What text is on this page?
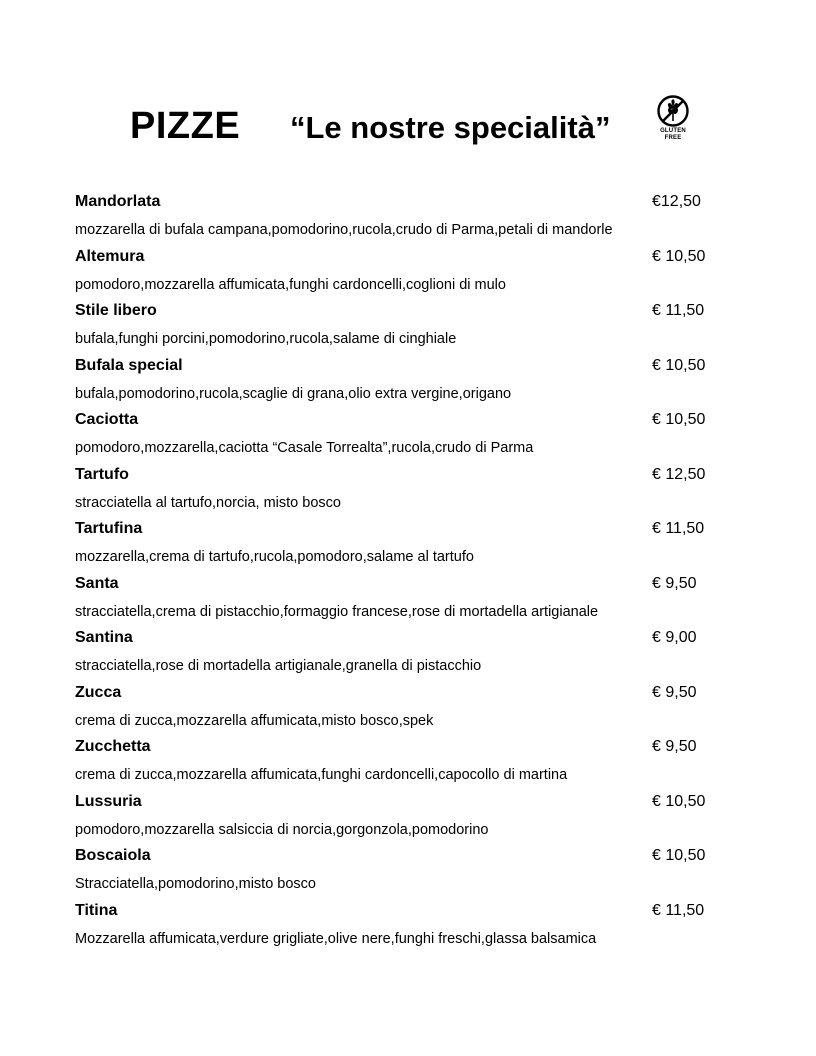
PIZZE “Le nostre specialità”	GLUTEN
FREE
Mandorlata	€12,50
mozzarella di bufala campana,pomodorino,rucola,crudo di Parma,petali di mandorle
Altemura	€ 10,50
pomodoro,mozzarella affumicata,funghi cardoncelli,coglioni di mulo
Stile libero	€ 11,50
bufala,funghi porcini,pomodorino,rucola,salame di cinghiale
Bufala special	€ 10,50
bufala,pomodorino,rucola,scaglie di grana,olio extra vergine,origano
Caciotta	€ 10,50
pomodoro,mozzarella,caciotta “Casale Torrealta”,rucola,crudo di Parma
Tartufo	€ 12,50
stracciatella al tartufo,norcia, misto bosco
Tartufina	€ 11,50
mozzarella,crema di tartufo,rucola,pomodoro,salame al tartufo
Santa	€ 9,50
stracciatella,crema di pistacchio,formaggio francese,rose di mortadella artigianale
Santina	€ 9,00
stracciatella,rose di mortadella artigianale,granella di pistacchio
Zucca	€ 9,50
crema di zucca,mozzarella affumicata,misto bosco,spek
Zucchetta	€ 9,50
crema di zucca,mozzarella affumicata,funghi cardoncelli,capocollo di martina
Lussuria	€ 10,50
pomodoro,mozzarella salsiccia di norcia,gorgonzola,pomodorino
Boscaiola	€ 10,50
Stracciatella,pomodorino,misto bosco
Titina	€ 11,50
Mozzarella affumicata,verdure grigliate,olive nere,funghi freschi,glassa balsamica
